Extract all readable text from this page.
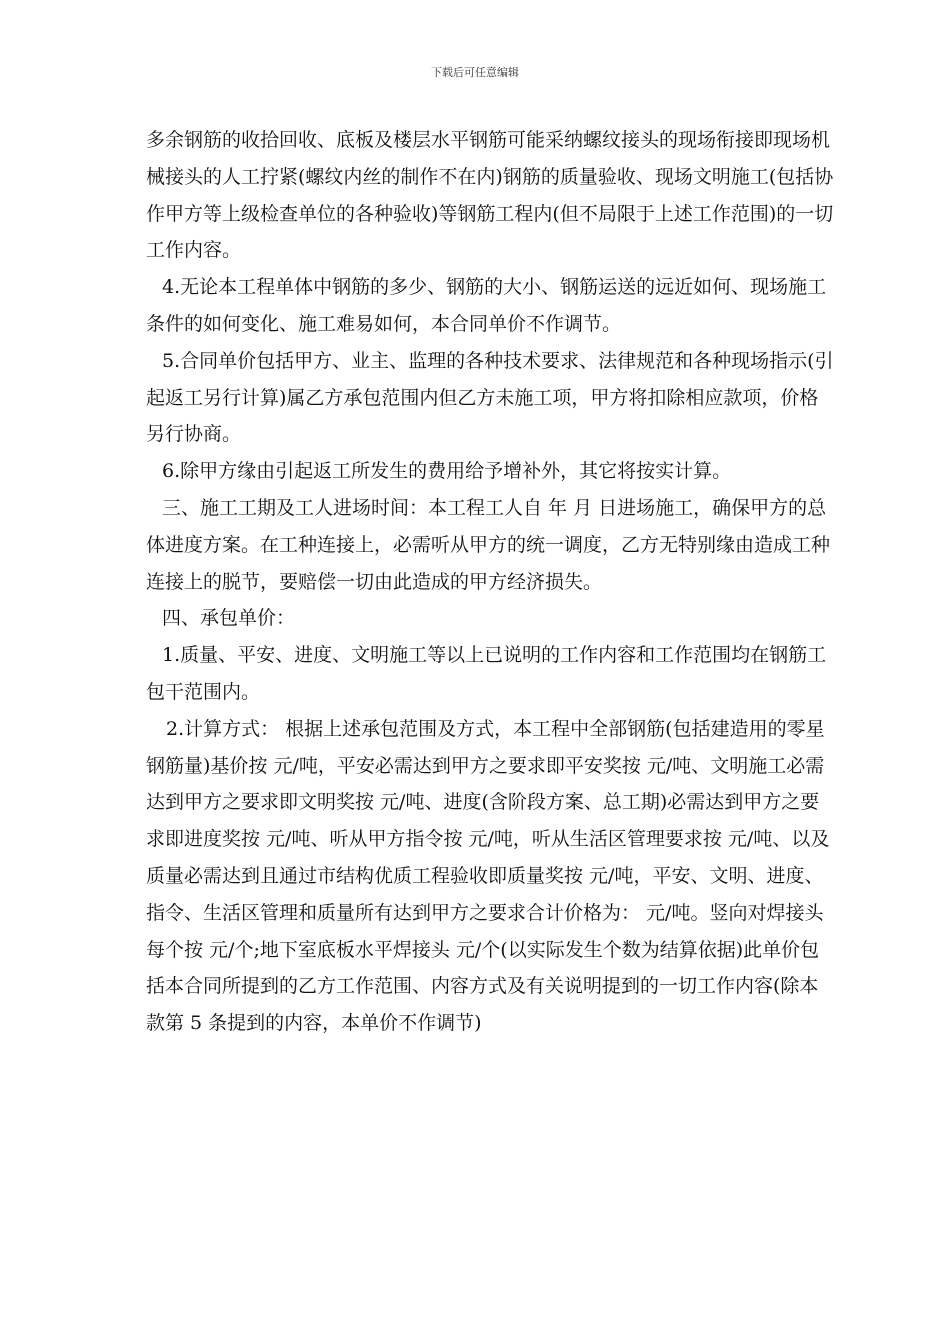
下载后可任意编辑

多余钢筋的收拾回收、底板及楼层水平钢筋可能采纳螺纹接头的现场衔接即现场机械接头的人工拧紧(螺纹内丝的制作不在内)钢筋的质量验收、现场文明施工(包括协作甲方等上级检查单位的各种验收)等钢筋工程内(但不局限于上述工作范围)的一切工作内容。

4.无论本工程单体中钢筋的多少、钢筋的大小、钢筋运送的远近如何、现场施工条件的如何变化、施工难易如何，本合同单价不作调节。

5.合同单价包括甲方、业主、监理的各种技术要求、法律规范和各种现场指示(引起返工另行计算)属乙方承包范围内但乙方未施工项，甲方将扣除相应款项，价格另行协商。

6.除甲方缘由引起返工所发生的费用给予增补外，其它将按实计算。

三、施工工期及工人进场时间：本工程工人自 年 月 日进场施工，确保甲方的总体进度方案。在工种连接上，必需听从甲方的统一调度，乙方无特别缘由造成工种连接上的脱节，要赔偿一切由此造成的甲方经济损失。

四、承包单价：

1.质量、平安、进度、文明施工等以上已说明的工作内容和工作范围均在钢筋工包干范围内。

2.计算方式： 根据上述承包范围及方式，本工程中全部钢筋(包括建造用的零星钢筋量)基价按 元/吨，平安必需达到甲方之要求即平安奖按 元/吨、文明施工必需达到甲方之要求即文明奖按 元/吨、进度(含阶段方案、总工期)必需达到甲方之要求即进度奖按 元/吨、听从甲方指令按 元/吨，听从生活区管理要求按 元/吨、以及质量必需达到且通过市结构优质工程验收即质量奖按 元/吨，平安、文明、进度、指令、生活区管理和质量所有达到甲方之要求合计价格为： 元/吨。竖向对焊接头每个按 元/个;地下室底板水平焊接头 元/个(以实际发生个数为结算依据)此单价包括本合同所提到的乙方工作范围、内容方式及有关说明提到的一切工作内容(除本款第 5 条提到的内容，本单价不作调节)
